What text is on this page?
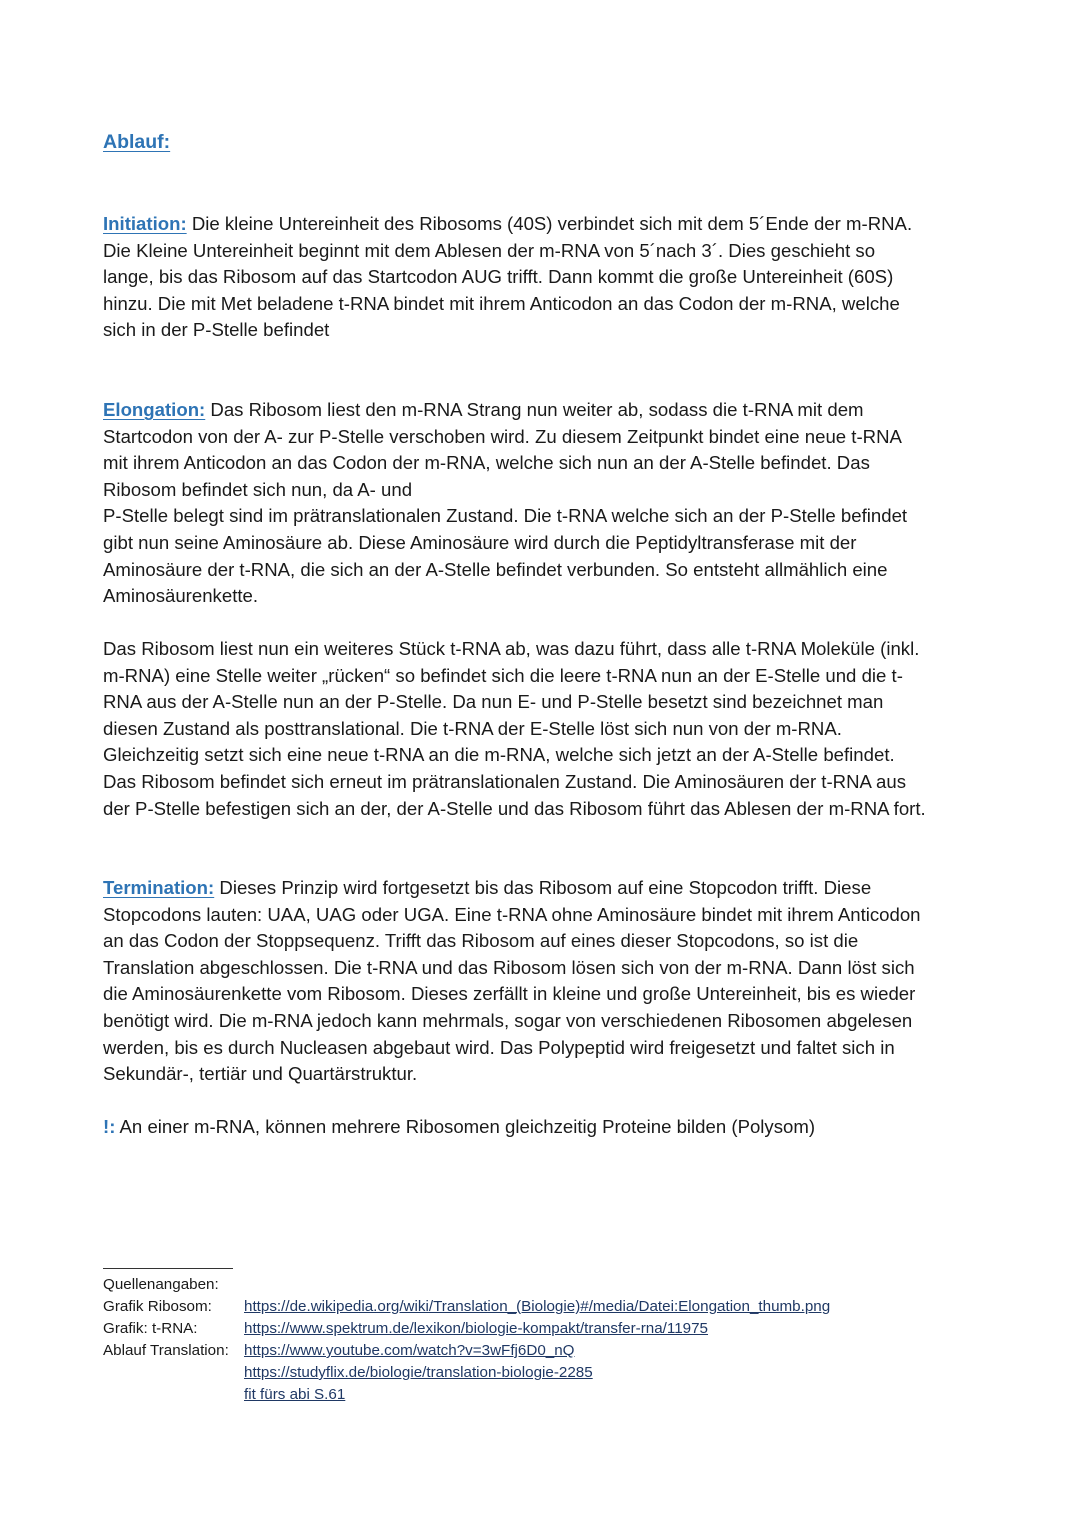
Ablauf:

Initiation: Die kleine Untereinheit des Ribosoms (40S) verbindet sich mit dem 5´Ende der m-RNA.
Die Kleine Untereinheit beginnt mit dem Ablesen der m-RNA von 5´nach 3´. Dies geschieht so
lange, bis das Ribosom auf das Startcodon AUG trifft. Dann kommt die große Untereinheit (60S)
hinzu. Die mit Met beladene t-RNA bindet mit ihrem Anticodon an das Codon der m-RNA, welche
sich in der P-Stelle befindet

Elongation: Das Ribosom liest den m-RNA Strang nun weiter ab, sodass die t-RNA mit dem
Startcodon von der A- zur P-Stelle verschoben wird. Zu diesem Zeitpunkt bindet eine neue t-RNA
mit ihrem Anticodon an das Codon der m-RNA, welche sich nun an der A-Stelle befindet. Das
Ribosom befindet sich nun, da A- und
P-Stelle belegt sind im prätranslationalen Zustand. Die t-RNA welche sich an der P-Stelle befindet
gibt nun seine Aminosäure ab. Diese Aminosäure wird durch die Peptidyltransferase mit der
Aminosäure der t-RNA, die sich an der A-Stelle befindet verbunden. So entsteht allmählich eine
Aminosäurenkette.

Das Ribosom liest nun ein weiteres Stück t-RNA ab, was dazu führt, dass alle t-RNA Moleküle (inkl.
m-RNA) eine Stelle weiter „rücken“ so befindet sich die leere t-RNA nun an der E-Stelle und die t-
RNA aus der A-Stelle nun an der P-Stelle. Da nun E- und P-Stelle besetzt sind bezeichnet man
diesen Zustand als posttranslational. Die t-RNA der E-Stelle löst sich nun von der m-RNA.
Gleichzeitig setzt sich eine neue t-RNA an die m-RNA, welche sich jetzt an der A-Stelle befindet.
Das Ribosom befindet sich erneut im prätranslationalen Zustand. Die Aminosäuren der t-RNA aus
der P-Stelle befestigen sich an der, der A-Stelle und das Ribosom führt das Ablesen der m-RNA fort.

Termination: Dieses Prinzip wird fortgesetzt bis das Ribosom auf eine Stopcodon trifft. Diese
Stopcodons lauten: UAA, UAG oder UGA. Eine t-RNA ohne Aminosäure bindet mit ihrem Anticodon
an das Codon der Stoppsequenz. Trifft das Ribosom auf eines dieser Stopcodons, so ist die
Translation abgeschlossen. Die t-RNA und das Ribosom lösen sich von der m-RNA. Dann löst sich
die Aminosäurenkette vom Ribosom. Dieses zerfällt in kleine und große Untereinheit, bis es wieder
benötigt wird. Die m-RNA jedoch kann mehrmals, sogar von verschiedenen Ribosomen abgelesen
werden, bis es durch Nucleasen abgebaut wird. Das Polypeptid wird freigesetzt und faltet sich in
Sekundär-, tertiär und Quartärstruktur.

!: An einer m-RNA, können mehrere Ribosomen gleichzeitig Proteine bilden (Polysom)

Quellenangaben:
Grafik Ribosom:	https://de.wikipedia.org/wiki/Translation_(Biologie)#/media/Datei:Elongation_thumb.png
Grafik: t-RNA:	https://www.spektrum.de/lexikon/biologie-kompakt/transfer-rna/11975
Ablauf Translation:	https://www.youtube.com/watch?v=3wFfj6D0_nQ
https://studyflix.de/biologie/translation-biologie-2285
fit fürs abi S.61
